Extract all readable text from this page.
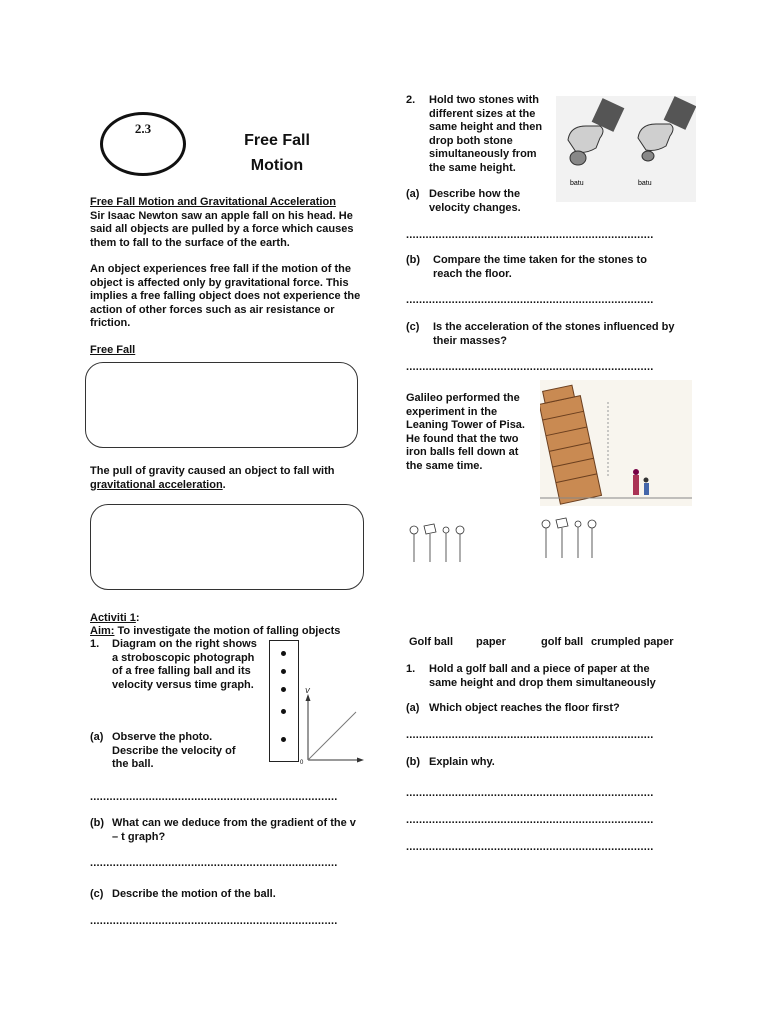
2.3
Free Fall
Motion
Free Fall Motion and Gravitational Acceleration
Sir Isaac Newton saw an apple fall on his head. He said all objects are pulled by a force which causes them to fall to the surface of the earth.
An object experiences free fall if the motion of the object is affected only by gravitational force. This implies a free falling object does not experience the action of other forces such as air resistance or friction.
Free Fall
The pull of gravity caused an object to fall with gravitational acceleration.
Activiti 1:
Aim: To investigate the motion of falling objects
1. Diagram on the right shows a stroboscopic photograph of a free falling ball and its velocity versus time graph.
(a) Observe the photo. Describe the velocity of the ball.
V
0
............................................................................
(b) What can we deduce from the gradient of the v – t graph?
............................................................................
(c) Describe the motion of the ball.
............................................................................
2. Hold two stones with different sizes at the same height and then drop both stone simultaneously from the same height.
batu	batu
(a) Describe how the velocity changes.
............................................................................
(b) Compare the time taken for the stones to reach the floor.
............................................................................
(c) Is the acceleration of the stones influenced by their masses?
............................................................................
Galileo performed the experiment in the Leaning Tower of Pisa. He found that the two iron balls fell down at the same time.
Golf ball paper	golf ball crumpled paper
1. Hold a golf ball and a piece of paper at the same height and drop them simultaneously
(a) Which object reaches the floor first?
............................................................................
(b) Explain why.
............................................................................
............................................................................
............................................................................
